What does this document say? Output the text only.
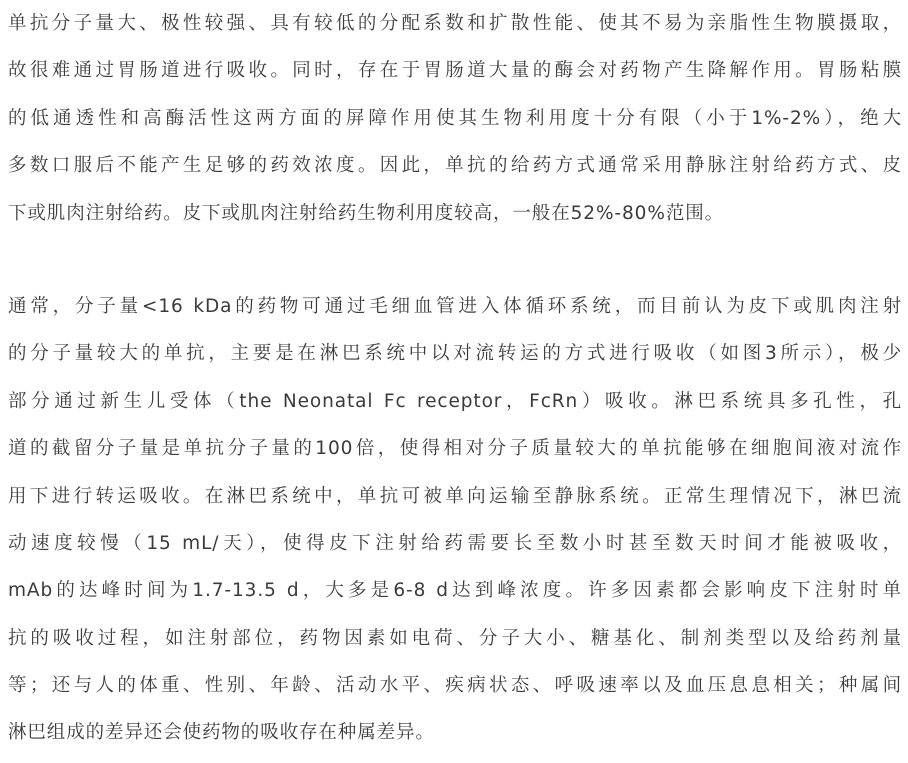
单抗分子量大、极性较强、具有较低的分配系数和扩散性能、使其不易为亲脂性生物膜摄取，
故很难通过胃肠道进行吸收。同时，存在于胃肠道大量的酶会对药物产生降解作用。胃肠粘膜
的低通透性和高酶活性这两方面的屏障作用使其生物利用度十分有限（小于1%-2%），绝大
多数口服后不能产生足够的药效浓度。因此，单抗的给药方式通常采用静脉注射给药方式、皮
下或肌肉注射给药。皮下或肌肉注射给药生物利用度较高，一般在52%-80%范围。
通常，分子量<16 kDa的药物可通过毛细血管进入体循环系统，而目前认为皮下或肌肉注射
的分子量较大的单抗，主要是在淋巴系统中以对流转运的方式进行吸收（如图3所示），极少
部分通过新生儿受体（the Neonatal Fc receptor，FcRn）吸收。淋巴系统具多孔性，孔
道的截留分子量是单抗分子量的100倍，使得相对分子质量较大的单抗能够在细胞间液对流作
用下进行转运吸收。在淋巴系统中，单抗可被单向运输至静脉系统。正常生理情况下，淋巴流
动速度较慢（15 mL/天），使得皮下注射给药需要长至数小时甚至数天时间才能被吸收，
mAb的达峰时间为1.7-13.5 d，大多是6-8 d达到峰浓度。许多因素都会影响皮下注射时单
抗的吸收过程，如注射部位，药物因素如电荷、分子大小、糖基化、制剂类型以及给药剂量
等；还与人的体重、性别、年龄、活动水平、疾病状态、呼吸速率以及血压息息相关；种属间
淋巴组成的差异还会使药物的吸收存在种属差异。
